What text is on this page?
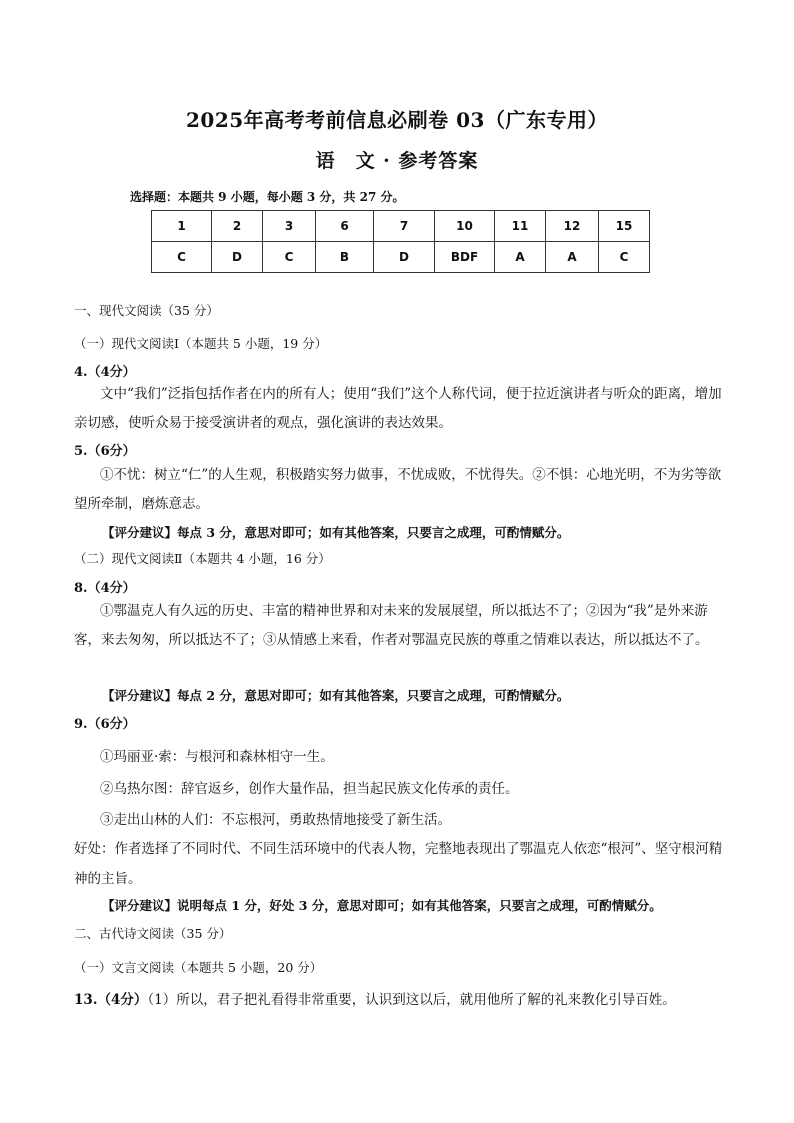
2025年高考考前信息必刷卷 03（广东专用）
语　文 · 参考答案
选择题：本题共 9 小题，每小题 3 分，共 27 分。
1	2	3	6	7	10	11	12	15
C	D	C	B	D	BDF	A	A	C
一、现代文阅读（35 分）
（一）现代文阅读Ⅰ（本题共 5 小题，19 分）
4.（4分）
文中“我们”泛指包括作者在内的所有人；使用“我们”这个人称代词，便于拉近演讲者与听众的距离，增加亲切感，使听众易于接受演讲者的观点，强化演讲的表达效果。
5.（6分）
①不忧：树立“仁”的人生观，积极踏实努力做事，不忧成败，不忧得失。②不惧：心地光明，不为劣等欲望所牵制，磨炼意志。
【评分建议】每点 3 分，意思对即可；如有其他答案，只要言之成理，可酌情赋分。
（二）现代文阅读Ⅱ（本题共 4 小题，16 分）
8.（4分）
①鄂温克人有久远的历史、丰富的精神世界和对未来的发展展望，所以抵达不了；②因为“我”是外来游客，来去匆匆，所以抵达不了；③从情感上来看，作者对鄂温克民族的尊重之情难以表达，所以抵达不了。
【评分建议】每点 2 分，意思对即可；如有其他答案，只要言之成理，可酌情赋分。
9.（6分）
①玛丽亚·索：与根河和森林相守一生。
②乌热尔图：辞官返乡，创作大量作品，担当起民族文化传承的责任。
③走出山林的人们：不忘根河，勇敢热情地接受了新生活。
好处：作者选择了不同时代、不同生活环境中的代表人物，完整地表现出了鄂温克人依恋“根河”、坚守根河精神的主旨。
【评分建议】说明每点 1 分，好处 3 分，意思对即可；如有其他答案，只要言之成理，可酌情赋分。
二、古代诗文阅读（35 分）
（一）文言文阅读（本题共 5 小题，20 分）
13.（4分）（1）所以，君子把礼看得非常重要，认识到这以后，就用他所了解的礼来教化引导百姓。
